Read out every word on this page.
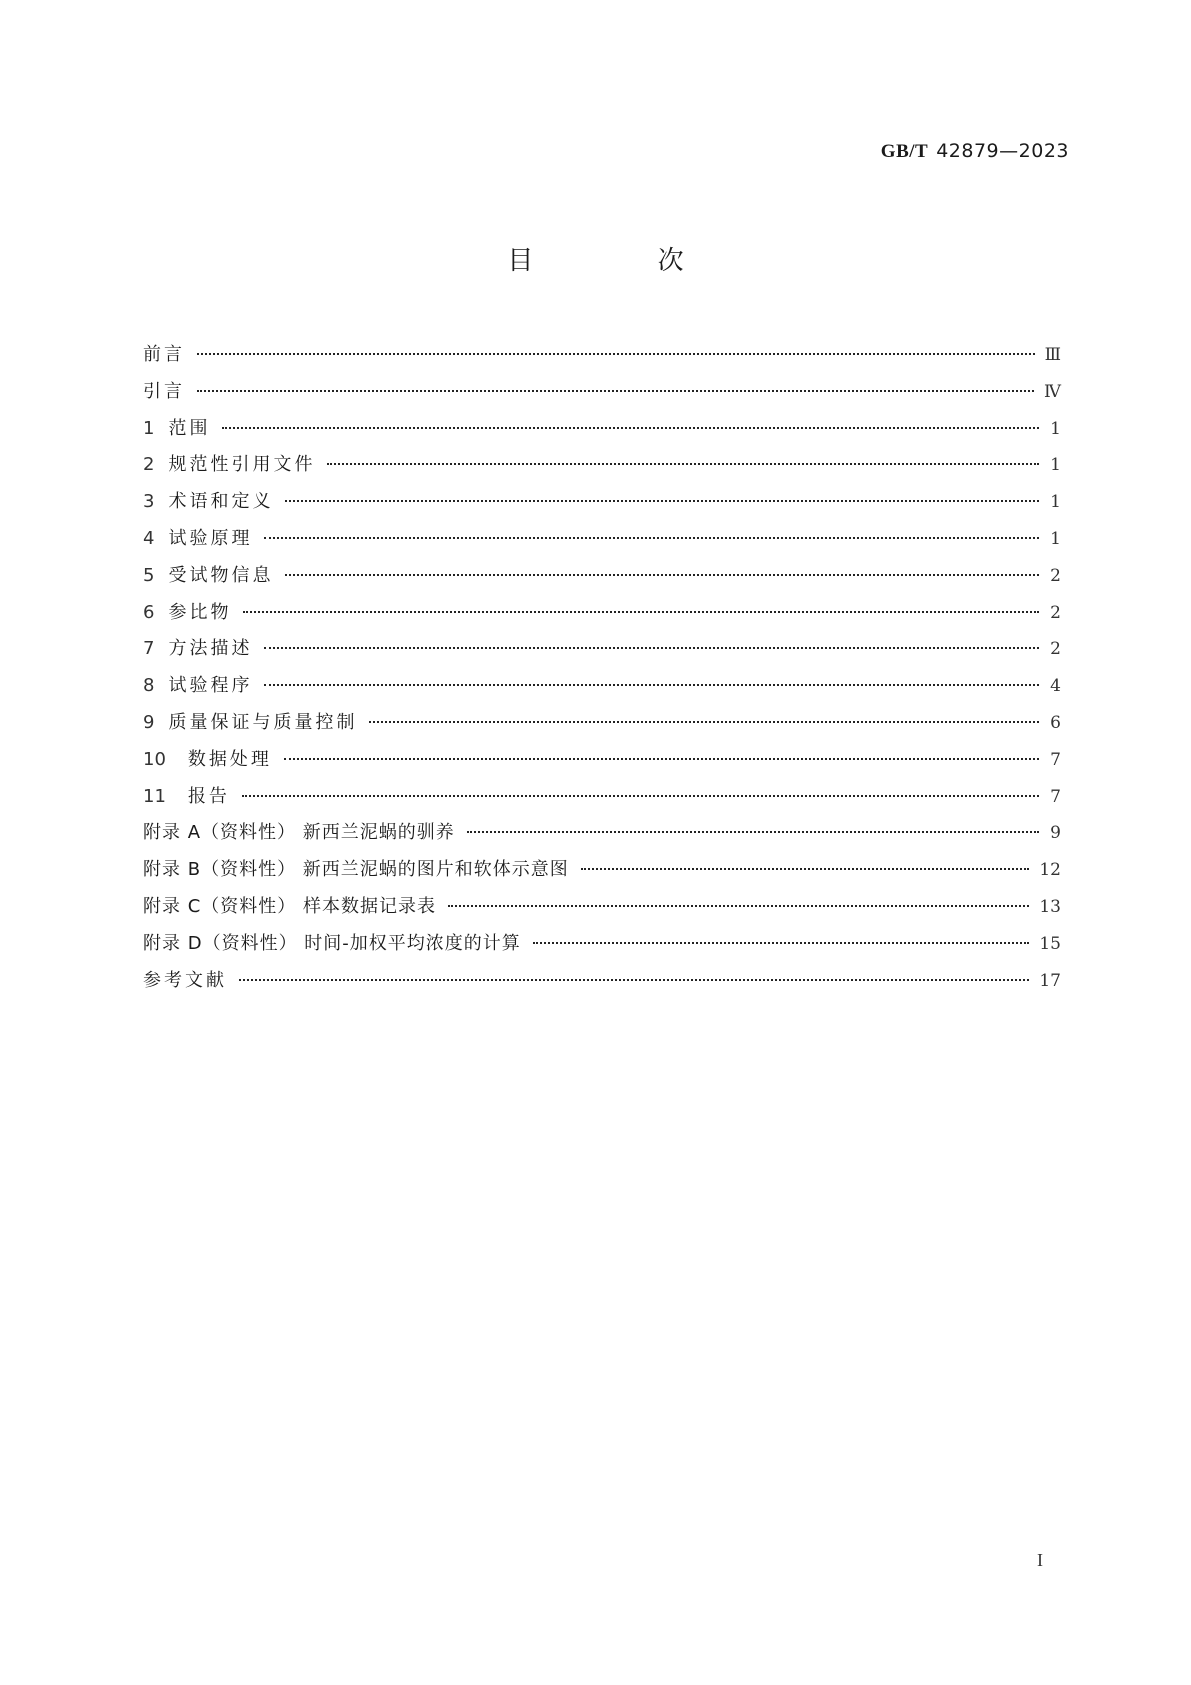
GB/T 42879—2023
目 次
前言	Ⅲ
引言	Ⅳ
1 范围	1
2 规范性引用文件	1
3 术语和定义	1
4 试验原理	1
5 受试物信息	2
6 参比物	2
7 方法描述	2
8 试验程序	4
9 质量保证与质量控制	6
10 数据处理	7
11 报告	7
附录 A（资料性） 新西兰泥蜗的驯养	9
附录 B（资料性） 新西兰泥蜗的图片和软体示意图	12
附录 C（资料性） 样本数据记录表	13
附录 D（资料性） 时间-加权平均浓度的计算	15
参考文献	17
I
